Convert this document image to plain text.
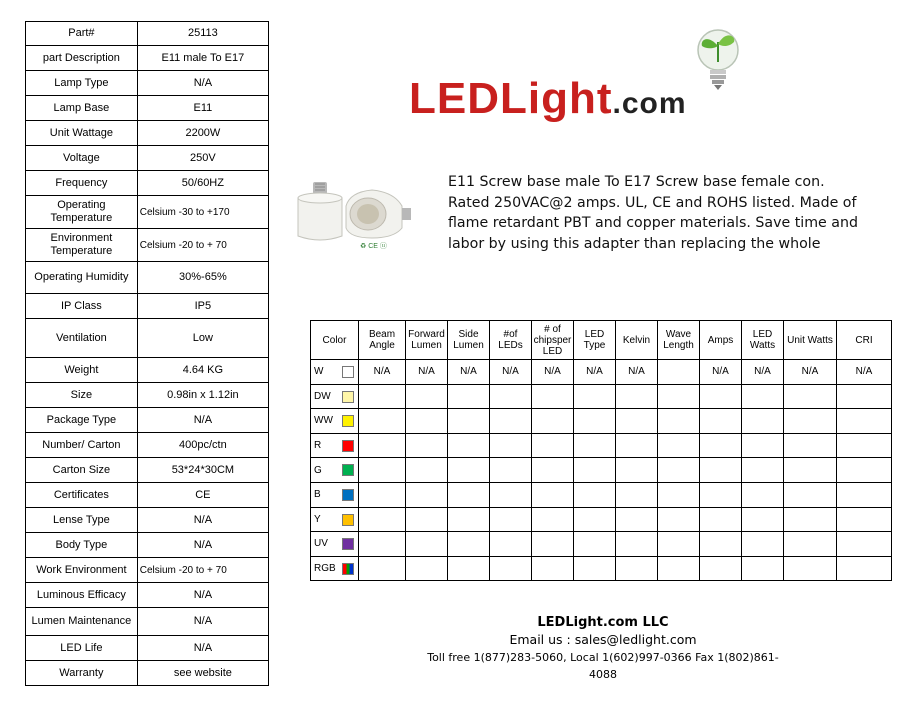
Part#	25113
part Description	E11 male To E17
Lamp Type	N/A
Lamp Base	E11
Unit Wattage	2200W
Voltage	250V
Frequency	50/60HZ
Operating Temperature	Celsium -30 to +170
Environment Temperature	Celsium -20 to + 70
Operating Humidity	30%-65%
IP Class	IP5
Ventilation	Low
Weight	4.64 KG
Size	0.98in x 1.12in
Package Type	N/A
Number/ Carton	400pc/ctn
Carton Size	53*24*30CM
Certificates	CE
Lense Type	N/A
Body Type	N/A
Work Environment	Celsium -20 to + 70
Luminous Efficacy	N/A
Lumen Maintenance	N/A
LED Life	N/A
Warranty	see website
LEDLight.com
♻ CE ⓤ
E11 Screw base male To E17 Screw base female con. Rated 250VAC@2 amps. UL, CE and ROHS listed. Made of flame retardant PBT and copper materials. Save time and labor by using this adapter than replacing the whole
Color	Beam Angle	Forward Lumen	Side Lumen	#of LEDs	# of chipsper LED	LED Type	Kelvin	Wave Length	Amps	LED Watts	Unit Watts	CRI
W	N/A	N/A	N/A	N/A	N/A	N/A	N/A		N/A	N/A	N/A	N/A
DW

WW

R

G

B

Y

UV

RGB

LEDLight.com LLC
Email us : sales@ledlight.com
Toll free 1(877)283-5060, Local 1(602)997-0366 Fax 1(802)861-4088
